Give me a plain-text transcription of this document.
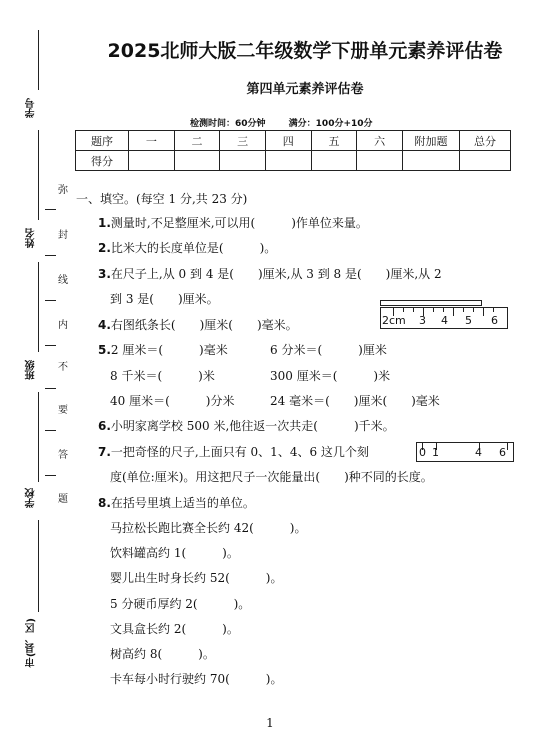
学号
姓名
班级
学校
市(县、区)
弥
封
线
内
不
要
答
题
2025北师大版二年级数学下册单元素养评估卷
第四单元素养评估卷
检测时间：60分钟	满分：100分+10分
题序	一	二	三	四	五	六	附加题	总分
得分								
一、填空。(每空 1 分,共 23 分)
1.测量时,不足整厘米,可以用(　　　)作单位来量。
2.比米大的长度单位是(　　　)。
3.在尺子上,从 0 到 4 是(　　)厘米,从 3 到 8 是(　　)厘米,从 2
到 3 是(　　)厘米。
4.右图纸条长(　　)厘米(　　)毫米。	2cm 3 4 5 6
5.2 厘米＝(　　　)毫米	6 分米＝(　　　)厘米
8 千米＝(　　　)米	300 厘米＝(　　　)米
40 厘米＝(　　　)分米	24 毫米＝(　　)厘米(　　)毫米
6.小明家离学校 500 米,他往返一次共走(　　　)千米。
7.一把奇怪的尺子,上面只有 0、1、4、6 这几个刻
度(单位:厘米)。用这把尺子一次能量出(　　)种不同的长度。
0 1	4 6
8.在括号里填上适当的单位。
马拉松长跑比赛全长约 42(　　　)。
饮料罐高约 1(　　　)。
婴儿出生时身长约 52(　　　)。
5 分硬币厚约 2(　　　)。
文具盒长约 2(　　　)。
树高约 8(　　　)。
卡车每小时行驶约 70(　　　)。
1
